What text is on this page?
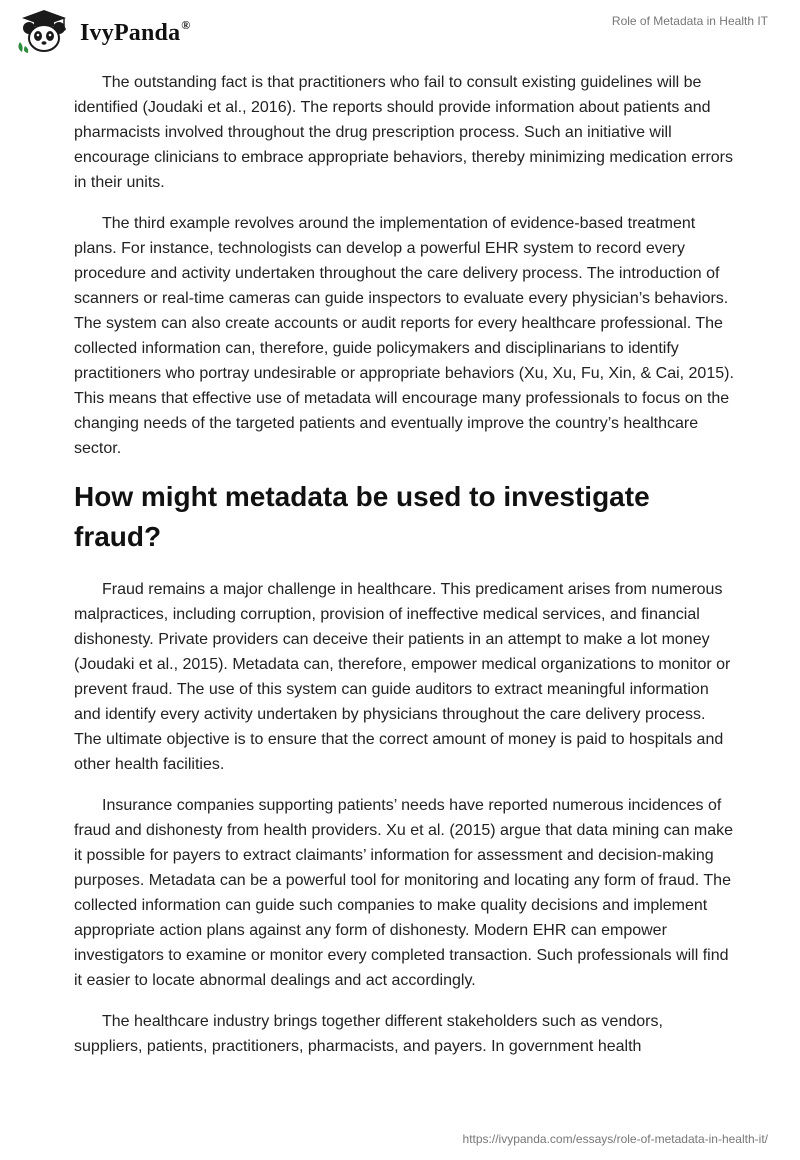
IvyPanda®	Role of Metadata in Health IT

The outstanding fact is that practitioners who fail to consult existing guidelines will be identified (Joudaki et al., 2016). The reports should provide information about patients and pharmacists involved throughout the drug prescription process. Such an initiative will encourage clinicians to embrace appropriate behaviors, thereby minimizing medication errors in their units.

The third example revolves around the implementation of evidence-based treatment plans. For instance, technologists can develop a powerful EHR system to record every procedure and activity undertaken throughout the care delivery process. The introduction of scanners or real-time cameras can guide inspectors to evaluate every physician’s behaviors. The system can also create accounts or audit reports for every healthcare professional. The collected information can, therefore, guide policymakers and disciplinarians to identify practitioners who portray undesirable or appropriate behaviors (Xu, Xu, Fu, Xin, & Cai, 2015). This means that effective use of metadata will encourage many professionals to focus on the changing needs of the targeted patients and eventually improve the country’s healthcare sector.

How might metadata be used to investigate fraud?

Fraud remains a major challenge in healthcare. This predicament arises from numerous malpractices, including corruption, provision of ineffective medical services, and financial dishonesty. Private providers can deceive their patients in an attempt to make a lot money (Joudaki et al., 2015). Metadata can, therefore, empower medical organizations to monitor or prevent fraud. The use of this system can guide auditors to extract meaningful information and identify every activity undertaken by physicians throughout the care delivery process. The ultimate objective is to ensure that the correct amount of money is paid to hospitals and other health facilities.

Insurance companies supporting patients’ needs have reported numerous incidences of fraud and dishonesty from health providers. Xu et al. (2015) argue that data mining can make it possible for payers to extract claimants’ information for assessment and decision-making purposes. Metadata can be a powerful tool for monitoring and locating any form of fraud. The collected information can guide such companies to make quality decisions and implement appropriate action plans against any form of dishonesty. Modern EHR can empower investigators to examine or monitor every completed transaction. Such professionals will find it easier to locate abnormal dealings and act accordingly.

The healthcare industry brings together different stakeholders such as vendors, suppliers, patients, practitioners, pharmacists, and payers. In government health

https://ivypanda.com/essays/role-of-metadata-in-health-it/
